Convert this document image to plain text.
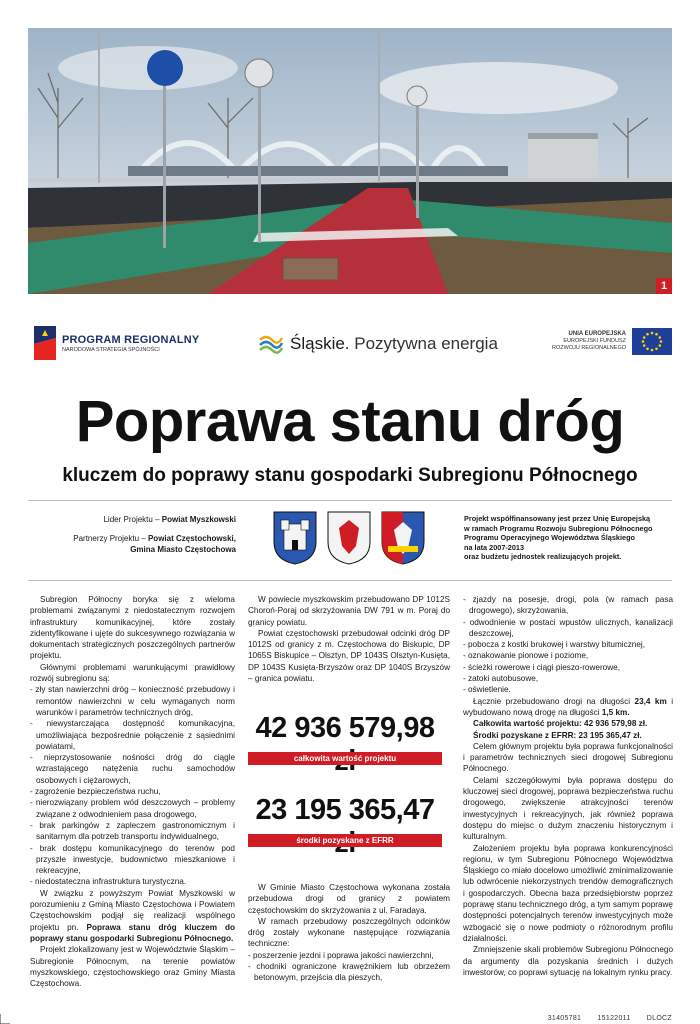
1
PROGRAM REGIONALNY
NARODOWA STRATEGIA SPÓJNOŚCI	Śląskie. Pozytywna energia	UNIA EUROPEJSKA
EUROPEJSKI FUNDUSZ
ROZWOJU REGIONALNEGO
Poprawa stanu dróg
kluczem do poprawy stanu gospodarki Subregionu Północnego

Lider Projektu – Powiat Myszkowski

Partnerzy Projektu – Powiat Częstochowski,
Gmina Miasto Częstochowa

Projekt współfinansowany jest przez Unię Europejską
w ramach Programu Rozwoju Subregionu Północnego
Programu Operacyjnego Województwa Śląskiego
na lata 2007-2013
oraz budżetu jednostek realizujących projekt.

Subregion Północny boryka się z wieloma problemami związanymi z niedostatecznym rozwojem infrastruktury komunikacyjnej, które zostały zidentyfikowane i ujęte do sukcesywnego rozwiązania w dokumentach strategicznych poszczególnych partnerów projektu.

Głównymi problemami warunkującymi prawidłowy rozwój subregionu są:

- zły stan nawierzchni dróg – konieczność przebudowy i remontów nawierzchni w celu wymaganych norm warunków i parametrów technicznych dróg,

- niewystarczająca dostępność komunikacyjna, umożliwiająca bezpośrednie połączenie z sąsiednimi powiatami,

- nieprzystosowanie nośności dróg do ciągle wzrastającego natężenia ruchu samochodów osobowych i ciężarowych,

- zagrożenie bezpieczeństwa ruchu,

- nierozwiązany problem wód deszczowych – problemy związane z odwodnieniem pasa drogowego,

- brak parkingów z zapleczem gastronomicznym i sanitarnym dla potrzeb transportu indywidualnego,

- brak dostępu komunikacyjnego do terenów pod przyszłe inwestycje, budownictwo mieszkaniowe i rekreacyjne,

- niedostateczna infrastruktura turystyczna.

W związku z powyższym Powiat Myszkowski w porozumieniu z Gminą Miasto Częstochowa i Powiatem Częstochowskim podjął się realizacji wspólnego projektu pn. Poprawa stanu dróg kluczem do poprawy stanu gospodarki Subregionu Północnego.

Projekt zlokalizowany jest w Województwie Śląskim – Subregionie Północnym, na terenie powiatów myszkowskiego, częstochowskiego oraz Gminy Miasta Częstochowa.

W powiecie myszkowskim przebudowano DP 1012S Choroń-Poraj od skrzyżowania DW 791 w m. Poraj do granicy powiatu.

Powiat częstochowski przebudował odcinki dróg DP 1012S od granicy z m. Częstochowa do Biskupic, DP 1065S Biskupice – Olsztyn, DP 1043S Olsztyn-Kusięta, DP 1043S Kusięta-Brzyszów oraz DP 1040S Brzyszów – granica powiatu.

42 936 579,98
całkowita wartość projektu
23 195 365,47
środki pozyskane z EFRR

W Gminie Miasto Częstochowa wykonana została przebudowa drogi od granicy z powiatem częstochowskim do skrzyżowania z ul. Faradaya.

W ramach przebudowy poszczególnych odcinków dróg zostały wykonane następujące rozwiązania techniczne:

- poszerzenie jezdni i poprawa jakości nawierzchni,

- chodniki ograniczone krawężnikiem lub obrzeżem betonowym, przejścia dla pieszych,

- zjazdy na posesje, drogi, pola (w ramach pasa drogowego), skrzyżowania,

- odwodnienie w postaci wpustów ulicznych, kanalizacji deszczowej,

- pobocza z kostki brukowej i warstwy bitumicznej,

- oznakowanie pionowe i poziome,

- ścieżki rowerowe i ciągi pieszo-rowerowe,

- zatoki autobusowe,

- oświetlenie.

Łącznie przebudowano drogi na długości 23,4 km i wybudowano nową drogę na długości 1,5 km.

Całkowita wartość projektu: 42 936 579,98 zł.

Środki pozyskane z EFRR: 23 195 365,47 zł.

Celem głównym projektu była poprawa funkcjonalności i parametrów technicznych sieci drogowej Subregionu Północnego.

Celami szczegółowymi była poprawa dostępu do kluczowej sieci drogowej, poprawa bezpieczeństwa ruchu drogowego, zwiększenie atrakcyjności terenów inwestycyjnych i rekreacyjnych, jak również poprawa dostępu do miejsc o dużym znaczeniu historycznym i kulturalnym.

Założeniem projektu była poprawa konkurencyjności regionu, w tym Subregionu Północnego Województwa Śląskiego co miało docelowo umożliwić zminimalizowanie lub odwrócenie niekorzystnych trendów demograficznych i gospodarczych. Obecna baza przedsiębiorstw poprzez poprawę stanu technicznego dróg, a tym samym poprawę dostępności potencjalnych terenów inwestycyjnych może wzbogacić się o nowe podmioty o różnorodnym profilu działalności.

Zmniejszenie skali problemów Subregionu Północnego da argumenty dla pozyskania średnich i dużych inwestorów, co poprawi sytuację na lokalnym rynku pracy.

31405781 15122011 DLOCZ
